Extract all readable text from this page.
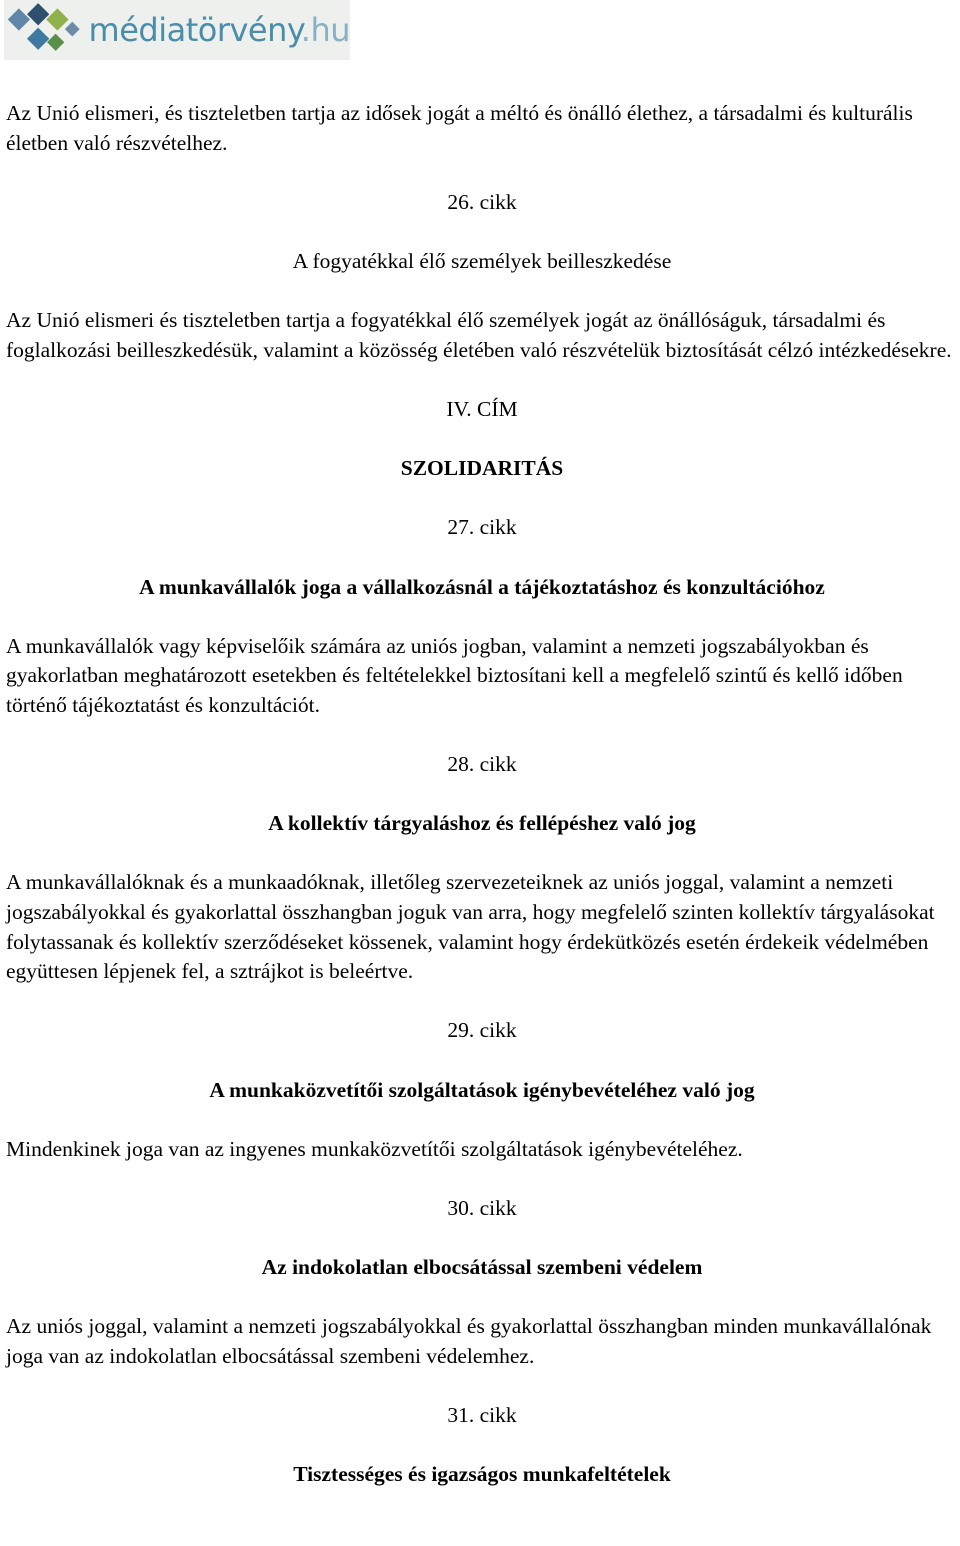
médiatörvény.hu

Az Unió elismeri, és tiszteletben tartja az idősek jogát a méltó és önálló élethez, a társadalmi és kulturális életben való részvételhez.

26. cikk

A fogyatékkal élő személyek beilleszkedése

Az Unió elismeri és tiszteletben tartja a fogyatékkal élő személyek jogát az önállóságuk, társadalmi és foglalkozási beilleszkedésük, valamint a közösség életében való részvételük biztosítását célzó intézkedésekre.

IV. CÍM

SZOLIDARITÁS

27. cikk

A munkavállalók joga a vállalkozásnál a tájékoztatáshoz és konzultációhoz

A munkavállalók vagy képviselőik számára az uniós jogban, valamint a nemzeti jogszabályokban és gyakorlatban meghatározott esetekben és feltételekkel biztosítani kell a megfelelő szintű és kellő időben történő tájékoztatást és konzultációt.

28. cikk

A kollektív tárgyaláshoz és fellépéshez való jog

A munkavállalóknak és a munkaadóknak, illetőleg szervezeteiknek az uniós joggal, valamint a nemzeti jogszabályokkal és gyakorlattal összhangban joguk van arra, hogy megfelelő szinten kollektív tárgyalásokat folytassanak és kollektív szerződéseket kössenek, valamint hogy érdekütközés esetén érdekeik védelmében együttesen lépjenek fel, a sztrájkot is beleértve.

29. cikk

A munkaközvetítői szolgáltatások igénybevételéhez való jog

Mindenkinek joga van az ingyenes munkaközvetítői szolgáltatások igénybevételéhez.

30. cikk

Az indokolatlan elbocsátással szembeni védelem

Az uniós joggal, valamint a nemzeti jogszabályokkal és gyakorlattal összhangban minden munkavállalónak joga van az indokolatlan elbocsátással szembeni védelemhez.

31. cikk

Tisztességes és igazságos munkafeltételek
